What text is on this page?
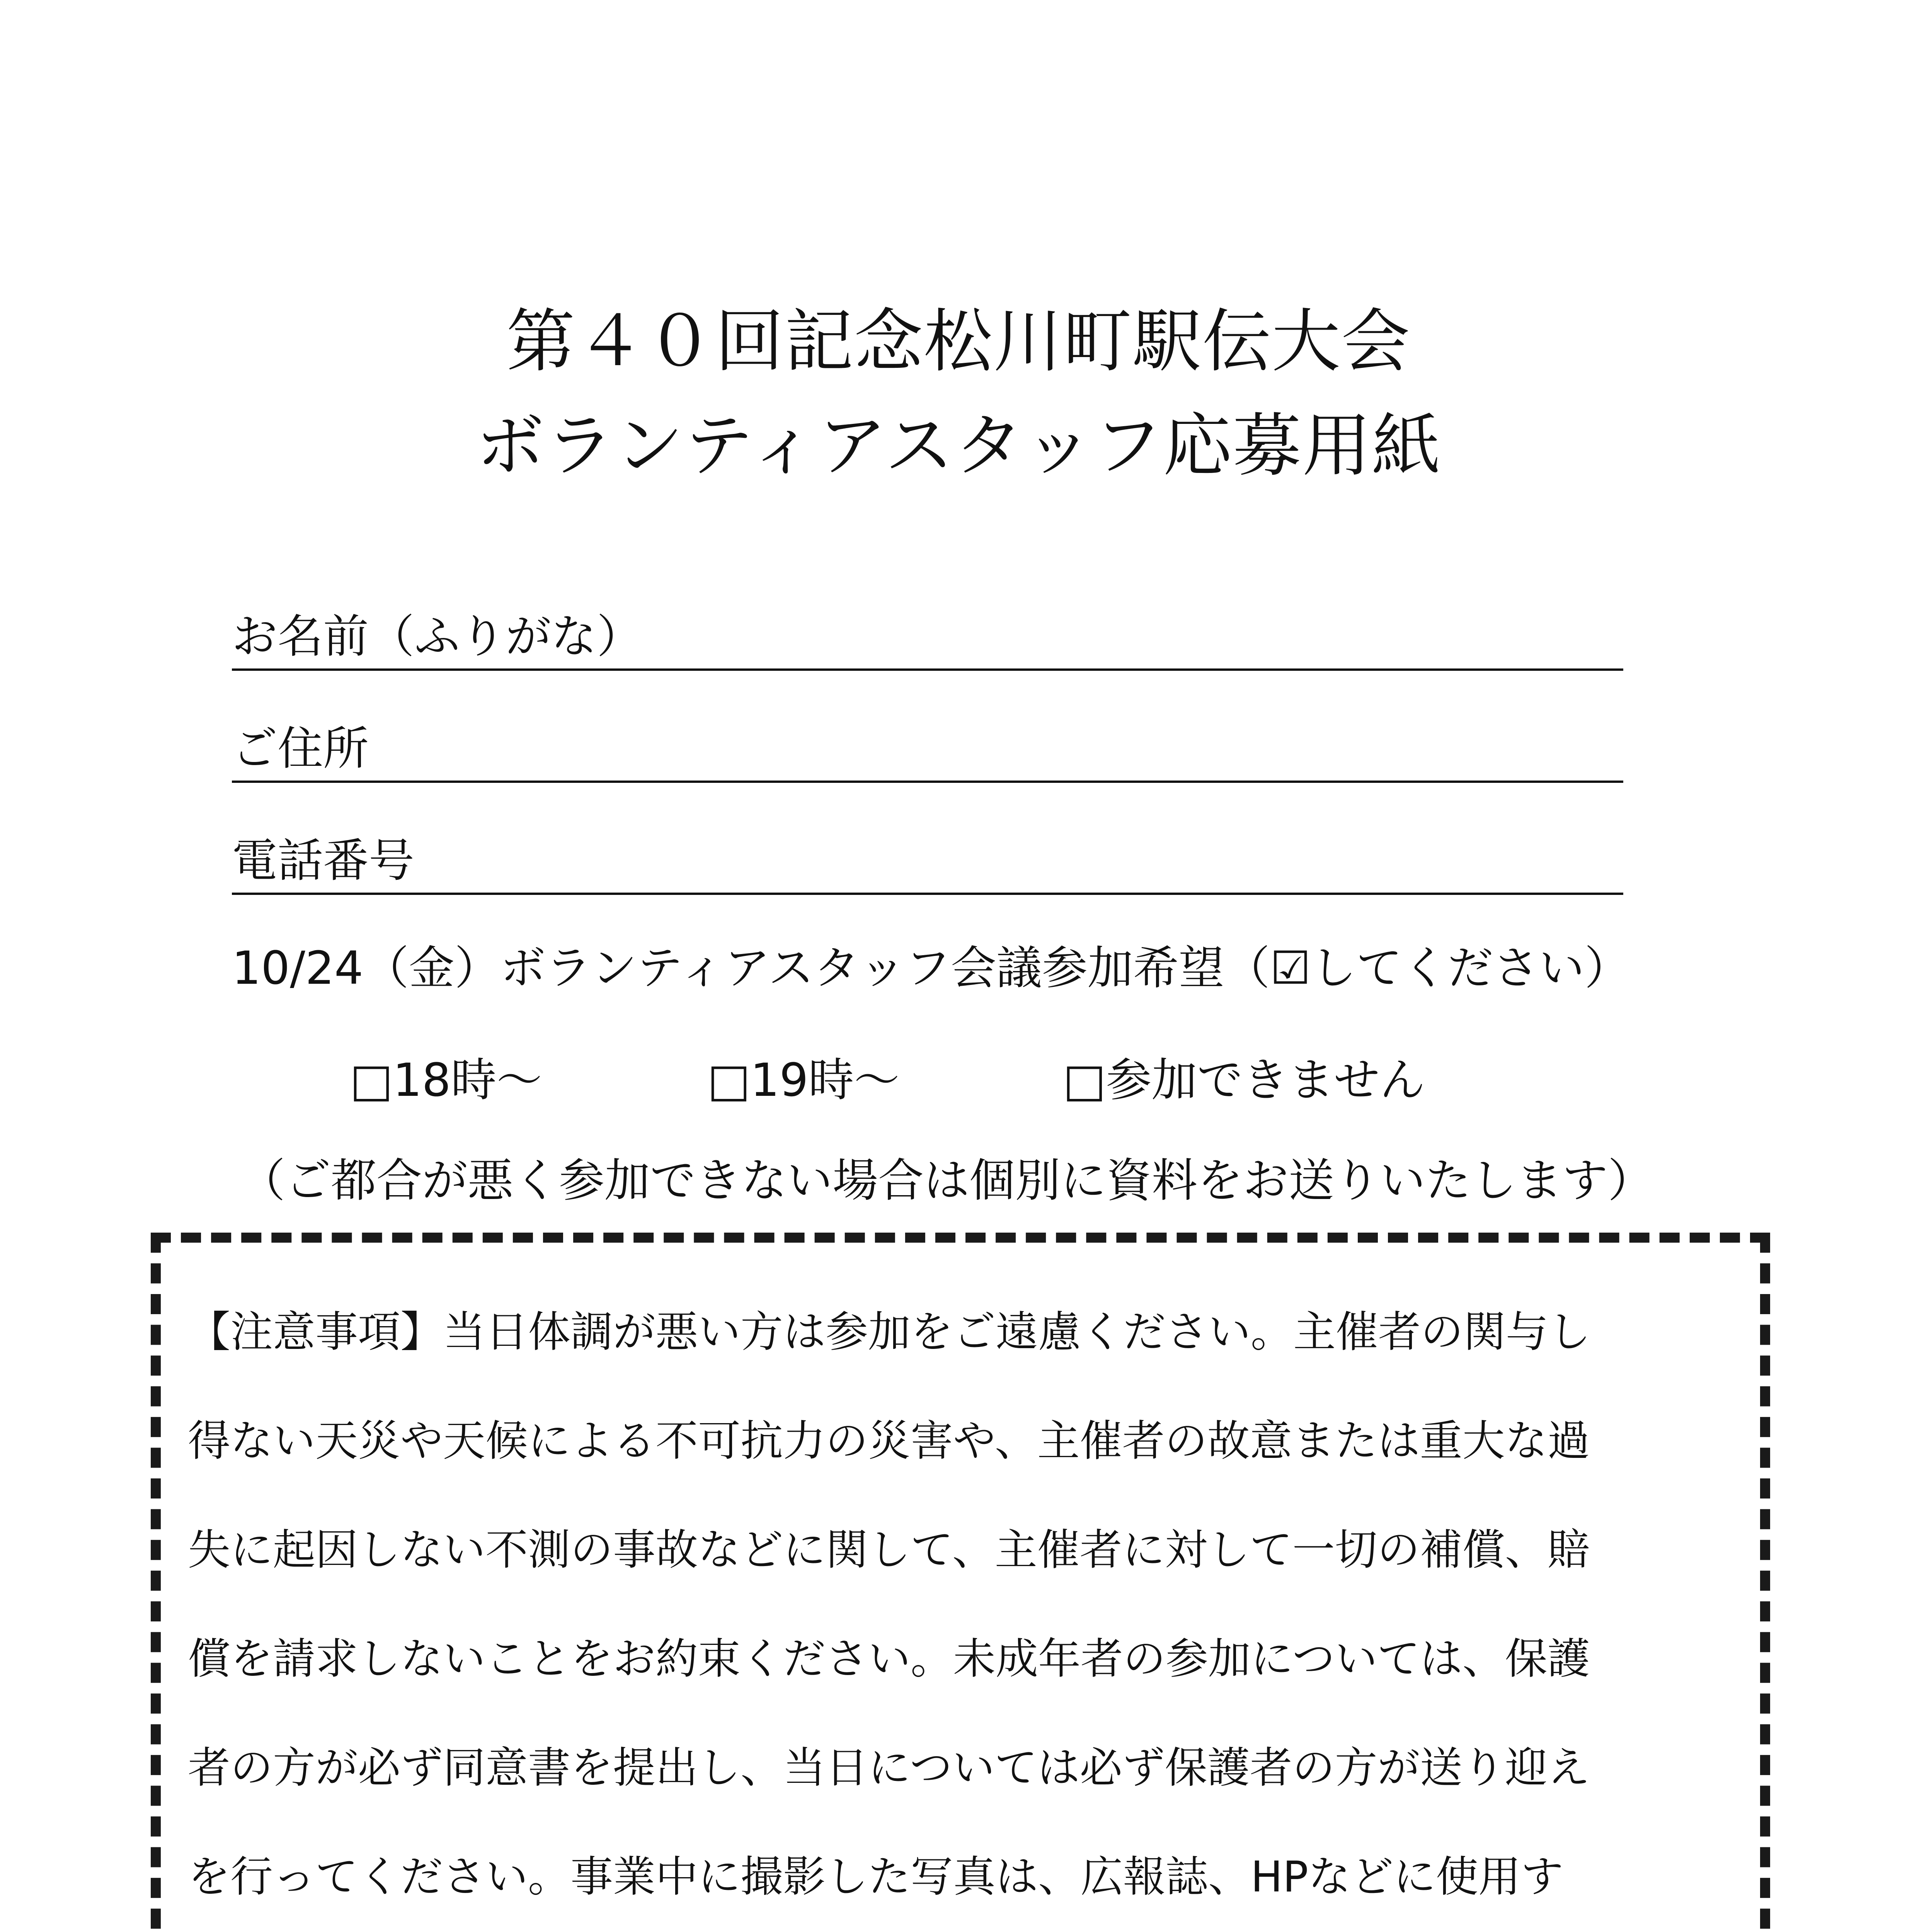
第４０回記念松川町駅伝大会
ボランティアスタッフ応募用紙
お名前（ふりがな）
ご住所
電話番号
10/24（金）ボランティアスタッフ会議参加希望（☑してください）
□18時～	□19時～	□参加できません
（ご都合が悪く参加できない場合は個別に資料をお送りいたします）
【注意事項】当日体調が悪い方は参加をご遠慮ください。主催者の関与し
得ない天災や天候による不可抗力の災害や、主催者の故意または重大な過
失に起因しない不測の事故などに関して、主催者に対して一切の補償、賠
償を請求しないことをお約束ください。未成年者の参加については、保護
者の方が必ず同意書を提出し、当日については必ず保護者の方が送り迎え
を行ってください。事業中に撮影した写真は、広報誌、HPなどに使用す
